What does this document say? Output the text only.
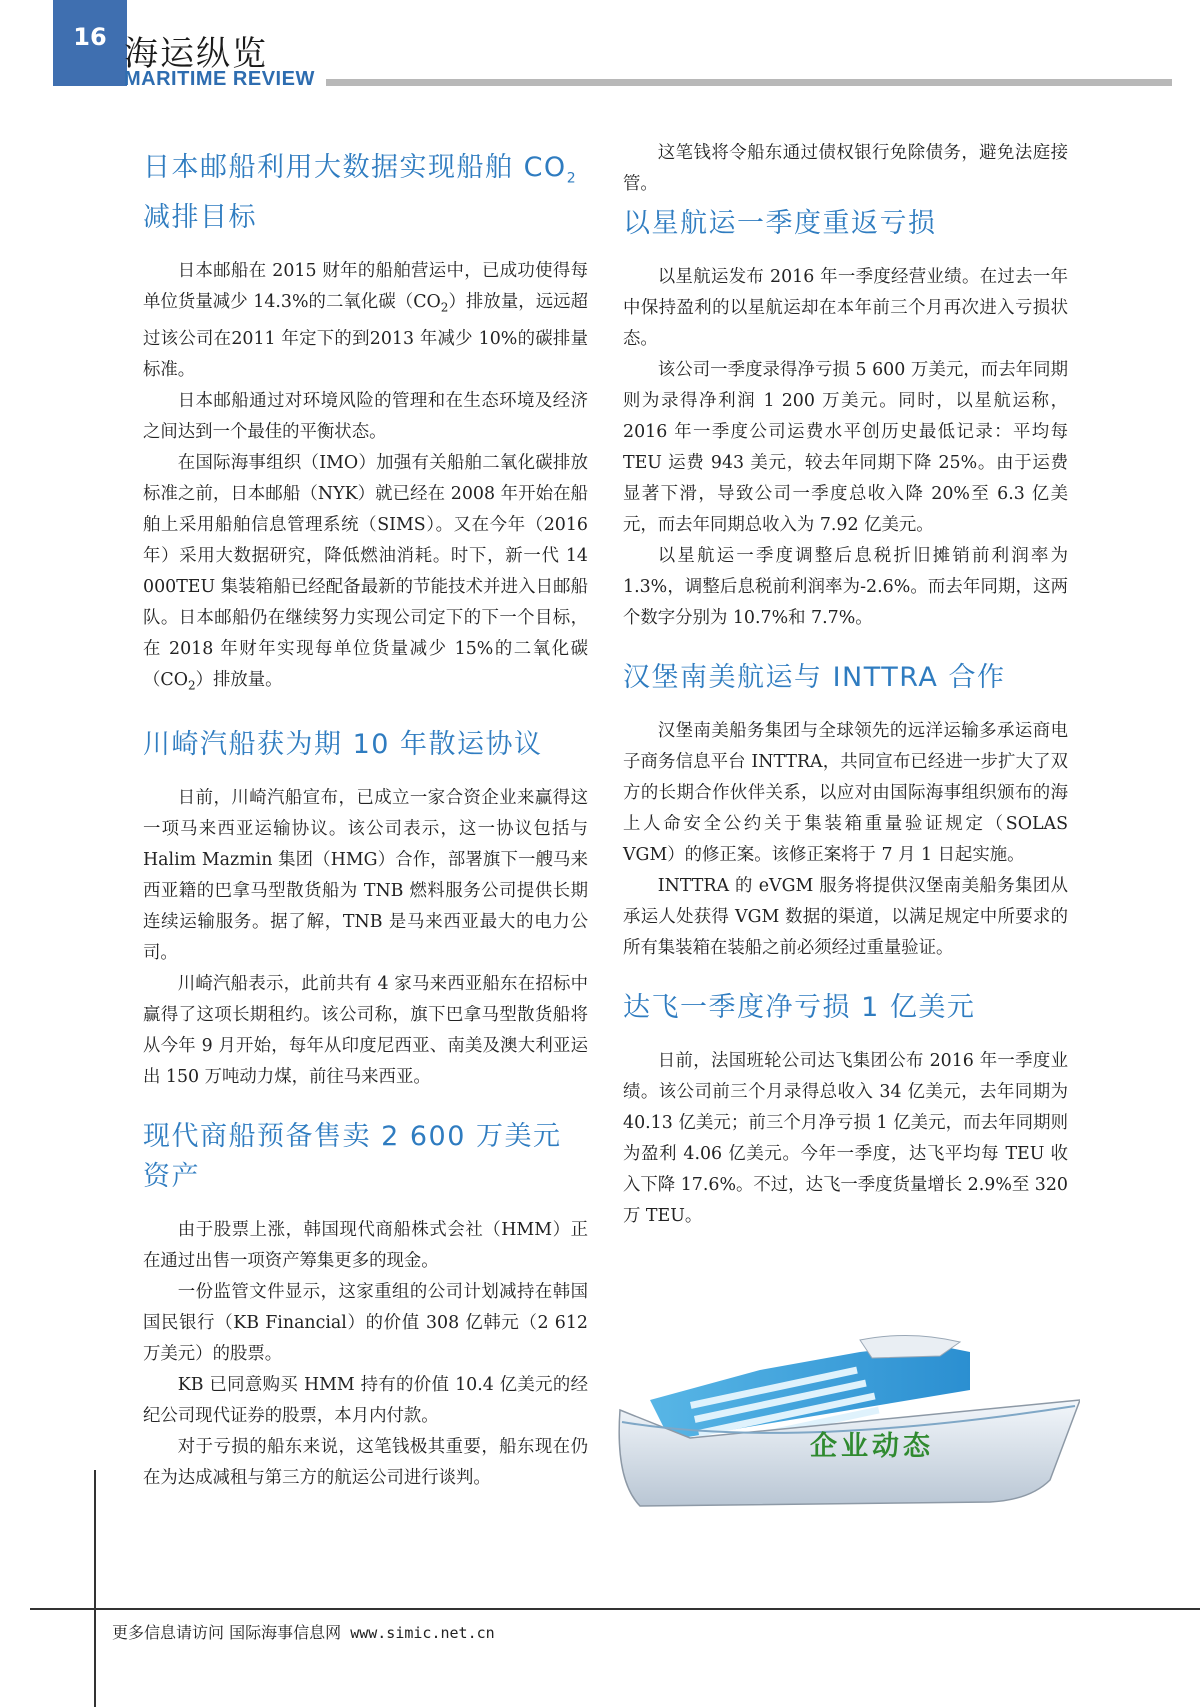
16 海运纵览
MARITIME REVIEW
日本邮船利用大数据实现船舶 $CO_2$减排目标

日本邮船在 2015 财年的船舶营运中，已成功使得每单位货量减少 14.3%的二氧化碳$(CO_2)$排放量，远远超过该公司在2011 年定下的到2013 年减少 10%的碳排量标准。

日本邮船通过对环境风险的管理和在生态环境及经济之间达到一个最佳的平衡状态。

在国际海事组织（IMO）加强有关船舶二氧化碳排放标准之前，日本邮船（NYK）就已经在 2008 年开始在船舶上采用船舶信息管理系统（SIMS）。又在今年（2016 年）采用大数据研究，降低燃油消耗。时下，新一代 14 000TEU 集装箱船已经配备最新的节能技术并进入日邮船队。日本邮船仍在继续努力实现公司定下的下一个目标，在 2018 年财年实现每单位货量减少 15%的二氧化碳$(CO_2)$排放量。

川崎汽船获为期 10 年散运协议

日前，川崎汽船宣布，已成立一家合资企业来赢得这一项马来西亚运输协议。该公司表示，这一协议包括与 Halim Mazmin 集团（HMG）合作，部署旗下一艘马来西亚籍的巴拿马型散货船为 TNB 燃料服务公司提供长期连续运输服务。据了解，TNB 是马来西亚最大的电力公司。

川崎汽船表示，此前共有 4 家马来西亚船东在招标中赢得了这项长期租约。该公司称，旗下巴拿马型散货船将从今年 9 月开始，每年从印度尼西亚、南美及澳大利亚运出 150 万吨动力煤，前往马来西亚。

现代商船预备售卖 2 600 万美元资产

由于股票上涨，韩国现代商船株式会社（HMM）正在通过出售一项资产筹集更多的现金。

一份监管文件显示，这家重组的公司计划减持在韩国国民银行（KB Financial）的价值 308 亿韩元（2 612 万美元）的股票。

KB 已同意购买 HMM 持有的价值 10.4 亿美元的经纪公司现代证券的股票，本月内付款。

对于亏损的船东来说，这笔钱极其重要，船东现在仍在为达成减租与第三方的航运公司进行谈判。

这笔钱将令船东通过债权银行免除债务，避免法庭接管。

以星航运一季度重返亏损

以星航运发布 2016 年一季度经营业绩。在过去一年中保持盈利的以星航运却在本年前三个月再次进入亏损状态。

该公司一季度录得净亏损 5 600 万美元，而去年同期则为录得净利润 1 200 万美元。同时，以星航运称，2016 年一季度公司运费水平创历史最低记录：平均每 TEU 运费 943 美元，较去年同期下降 25%。由于运费显著下滑，导致公司一季度总收入降 20%至 6.3 亿美元，而去年同期总收入为 7.92 亿美元。

以星航运一季度调整后息税折旧摊销前利润率为 1.3%，调整后息税前利润率为-2.6%。而去年同期，这两个数字分别为 10.7%和 7.7%。

汉堡南美航运与 INTTRA 合作

汉堡南美船务集团与全球领先的远洋运输多承运商电子商务信息平台 INTTRA，共同宣布已经进一步扩大了双方的长期合作伙伴关系，以应对由国际海事组织颁布的海上人命安全公约关于集装箱重量验证规定（SOLAS VGM）的修正案。该修正案将于 7 月 1 日起实施。

INTTRA 的 eVGM 服务将提供汉堡南美船务集团从承运人处获得 VGM 数据的渠道，以满足规定中所要求的所有集装箱在装船之前必须经过重量验证。

达飞一季度净亏损 1 亿美元

日前，法国班轮公司达飞集团公布 2016 年一季度业绩。该公司前三个月录得总收入 34 亿美元，去年同期为 40.13 亿美元；前三个月净亏损 1 亿美元，而去年同期则为盈利 4.06 亿美元。今年一季度，达飞平均每 TEU 收入下降 17.6%。不过，达飞一季度货量增长 2.9%至 320 万 TEU。

企业动态
更多信息请访问 国际海事信息网 www.simic.net.cn
